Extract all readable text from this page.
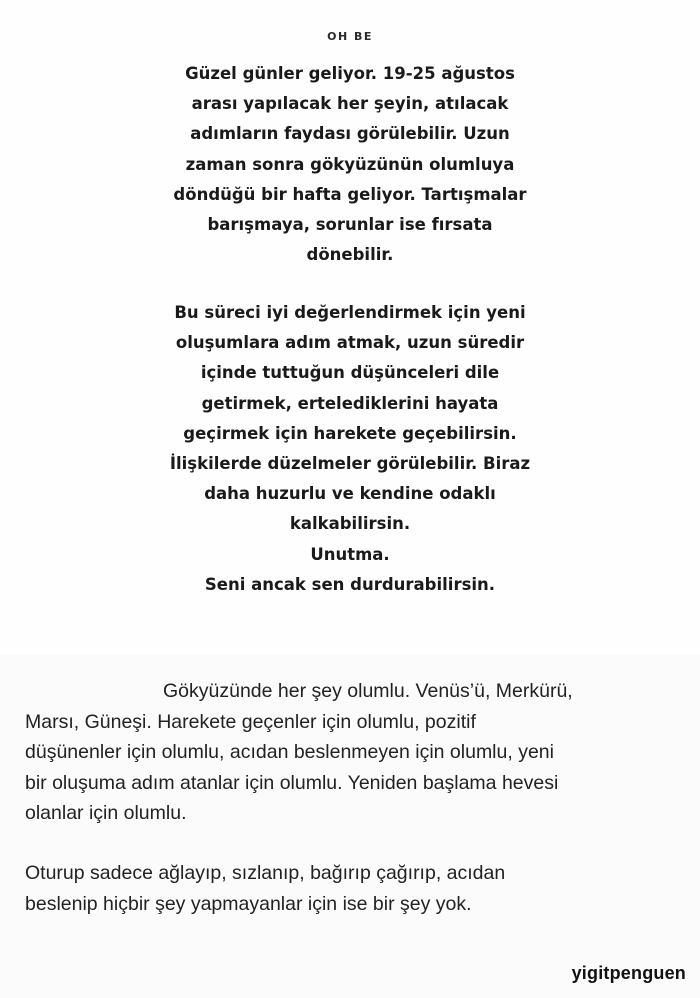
OH BE
Güzel günler geliyor. 19-25 ağustos
arası yapılacak her şeyin, atılacak
adımların faydası görülebilir. Uzun
zaman sonra gökyüzünün olumluya
döndüğü bir hafta geliyor. Tartışmalar
barışmaya, sorunlar ise fırsata
dönebilir.
Bu süreci iyi değerlendirmek için yeni
oluşumlara adım atmak, uzun süredir
içinde tuttuğun düşünceleri dile
getirmek, ertelediklerini hayata
geçirmek için harekete geçebilirsin.
İlişkilerde düzelmeler görülebilir. Biraz
daha huzurlu ve kendine odaklı
kalkabilirsin.
Unutma.
Seni ancak sen durdurabilirsin.
Gökyüzünde her şey olumlu. Venüs’ü, Merkürü,
Marsı, Güneşi. Harekete geçenler için olumlu, pozitif
düşünenler için olumlu, acıdan beslenmeyen için olumlu, yeni
bir oluşuma adım atanlar için olumlu. Yeniden başlama hevesi
olanlar için olumlu.
Oturup sadece ağlayıp, sızlanıp, bağırıp çağırıp, acıdan
beslenip hiçbir şey yapmayanlar için ise bir şey yok.
yigitpenguen
